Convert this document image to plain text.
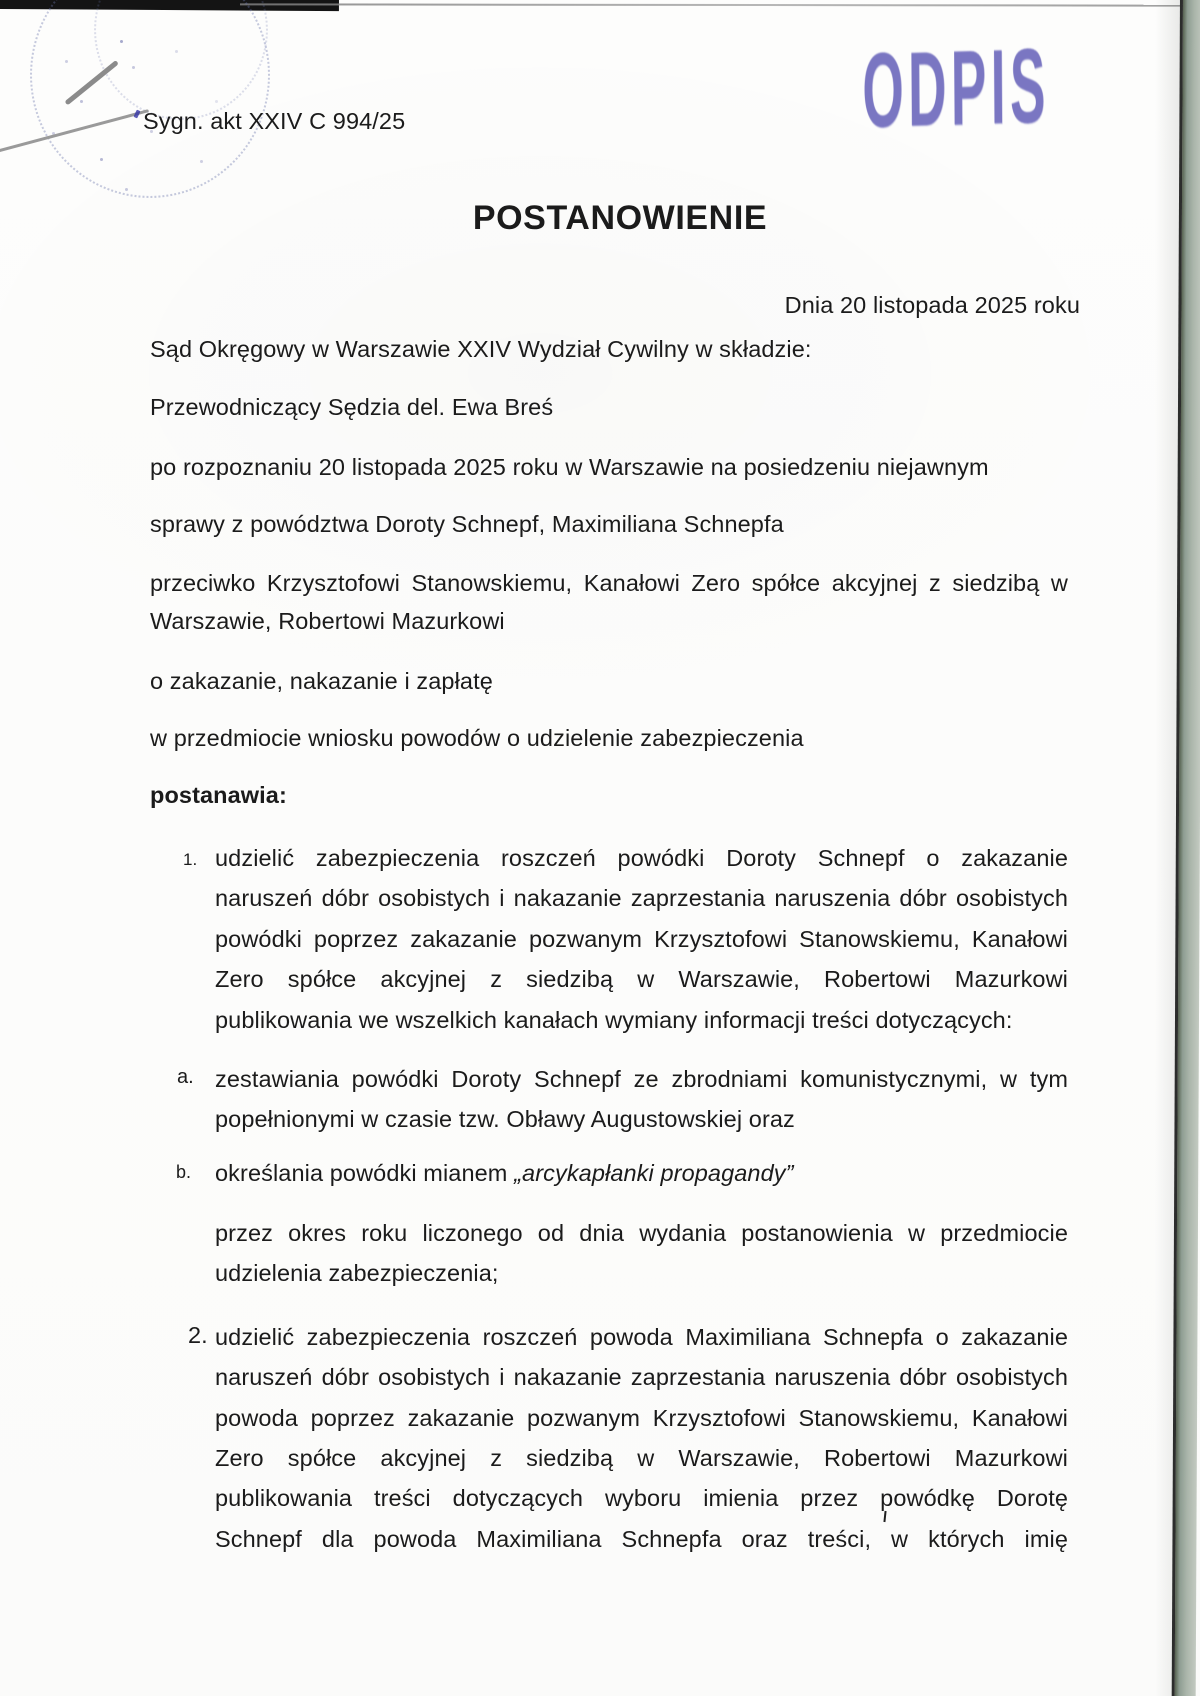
ODPIS
Sygn. akt XXIV C 994/25
POSTANOWIENIE
Dnia 20 listopada 2025 roku
Sąd Okręgowy w Warszawie XXIV Wydział Cywilny w składzie:
Przewodniczący Sędzia del. Ewa Breś
po rozpoznaniu 20 listopada 2025 roku w Warszawie na posiedzeniu niejawnym
sprawy z powództwa Doroty Schnepf, Maximiliana Schnepfa
przeciwko Krzysztofowi Stanowskiemu, Kanałowi Zero spółce akcyjnej z siedzibą w
Warszawie, Robertowi Mazurkowi
o zakazanie, nakazanie i zapłatę
w przedmiocie wniosku powodów o udzielenie zabezpieczenia
postanawia:
1. udzielić zabezpieczenia roszczeń powódki Doroty Schnepf o zakazanie
naruszeń dóbr osobistych i nakazanie zaprzestania naruszenia dóbr osobistych
powódki poprzez zakazanie pozwanym Krzysztofowi Stanowskiemu, Kanałowi
Zero spółce akcyjnej z siedzibą w Warszawie, Robertowi Mazurkowi
publikowania we wszelkich kanałach wymiany informacji treści dotyczących:
a. zestawiania powódki Doroty Schnepf ze zbrodniami komunistycznymi, w tym
popełnionymi w czasie tzw. Obławy Augustowskiej oraz
b. określania powódki mianem „arcykapłanki propagandy”
przez okres roku liczonego od dnia wydania postanowienia w przedmiocie
udzielenia zabezpieczenia;
2. udzielić zabezpieczenia roszczeń powoda Maximiliana Schnepfa o zakazanie
naruszeń dóbr osobistych i nakazanie zaprzestania naruszenia dóbr osobistych
powoda poprzez zakazanie pozwanym Krzysztofowi Stanowskiemu, Kanałowi
Zero spółce akcyjnej z siedzibą w Warszawie, Robertowi Mazurkowi
publikowania treści dotyczących wyboru imienia przez powódkę Dorotę
Schnepf dla powoda Maximiliana Schnepfa oraz treści, w których imię
